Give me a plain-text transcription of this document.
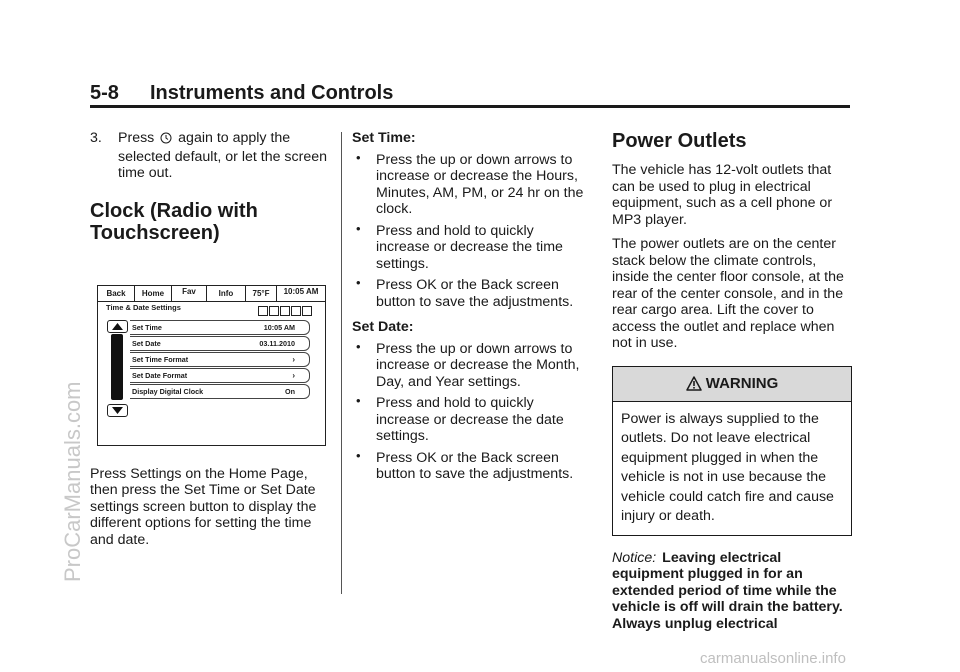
5-8 Instruments and Controls

3. Press again to apply the selected default, or let the screen time out.

Clock (Radio with Touchscreen)

Press Settings on the Home Page, then press the Set Time or Set Date settings screen button to display the different options for setting the time and date.

Back	Home	Fav	Info	75°F	10:05 AM
Time & Date Settings
Set Time	10:05 AM
Set Date	03.11.2010
Set Time Format	›
Set Date Format	›
Display Digital Clock	On

Set Time:

• Press the up or down arrows to increase or decrease the Hours, Minutes, AM, PM, or 24 hr on the clock.
• Press and hold to quickly increase or decrease the time settings.
• Press OK or the Back screen button to save the adjustments.

Set Date:

• Press the up or down arrows to increase or decrease the Month, Day, and Year settings.
• Press and hold to quickly increase or decrease the date settings.
• Press OK or the Back screen button to save the adjustments.
Power Outlets

The vehicle has 12-volt outlets that can be used to plug in electrical equipment, such as a cell phone or MP3 player.

The power outlets are on the center stack below the climate controls, inside the center floor console, at the rear of the center console, and in the rear cargo area. Lift the cover to access the outlet and replace when not in use.

WARNING
Power is always supplied to the outlets. Do not leave electrical equipment plugged in when the vehicle is not in use because the vehicle could catch fire and cause injury or death.

Notice: Leaving electrical equipment plugged in for an extended period of time while the vehicle is off will drain the battery. Always unplug electrical

ProCarManuals.com
carmanualsonline.info
